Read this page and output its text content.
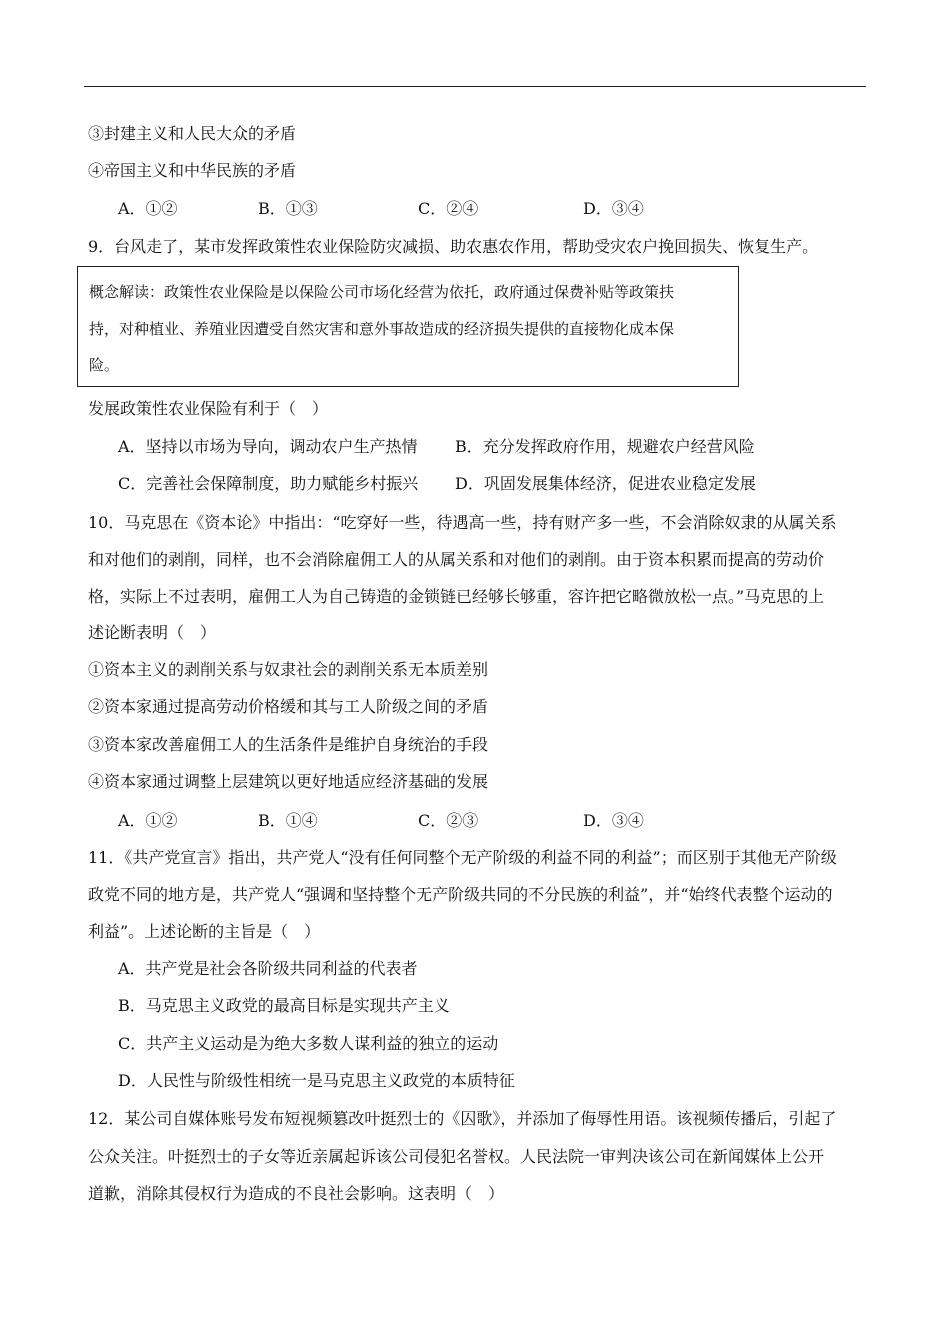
③封建主义和人民大众的矛盾
④帝国主义和中华民族的矛盾
A．①②	B．①③	C．②④	D．③④
9．台风走了，某市发挥政策性农业保险防灾减损、助农惠农作用，帮助受灾农户挽回损失、恢复生产。
概念解读：政策性农业保险是以保险公司市场化经营为依托，政府通过保费补贴等政策扶
持，对种植业、养殖业因遭受自然灾害和意外事故造成的经济损失提供的直接物化成本保
险。
发展政策性农业保险有利于（　）
A．坚持以市场为导向，调动农户生产热情 B．充分发挥政府作用，规避农户经营风险
C．完善社会保障制度，助力赋能乡村振兴 D．巩固发展集体经济，促进农业稳定发展
10．马克思在《资本论》中指出：“吃穿好一些，待遇高一些，持有财产多一些，不会消除奴隶的从属关系
和对他们的剥削，同样，也不会消除雇佣工人的从属关系和对他们的剥削。由于资本积累而提高的劳动价
格，实际上不过表明，雇佣工人为自己铸造的金锁链已经够长够重，容许把它略微放松一点。”马克思的上
述论断表明（　）
①资本主义的剥削关系与奴隶社会的剥削关系无本质差别
②资本家通过提高劳动价格缓和其与工人阶级之间的矛盾
③资本家改善雇佣工人的生活条件是维护自身统治的手段
④资本家通过调整上层建筑以更好地适应经济基础的发展
A．①②	B．①④	C．②③	D．③④
11．《共产党宣言》指出，共产党人“没有任何同整个无产阶级的利益不同的利益”；而区别于其他无产阶级
政党不同的地方是，共产党人“强调和坚持整个无产阶级共同的不分民族的利益”，并“始终代表整个运动的
利益”。上述论断的主旨是（　）
A．共产党是社会各阶级共同利益的代表者
B．马克思主义政党的最高目标是实现共产主义
C．共产主义运动是为绝大多数人谋利益的独立的运动
D．人民性与阶级性相统一是马克思主义政党的本质特征
12．某公司自媒体账号发布短视频篡改叶挺烈士的《囚歌》，并添加了侮辱性用语。该视频传播后，引起了
公众关注。叶挺烈士的子女等近亲属起诉该公司侵犯名誉权。人民法院一审判决该公司在新闻媒体上公开
道歉，消除其侵权行为造成的不良社会影响。这表明（　）
